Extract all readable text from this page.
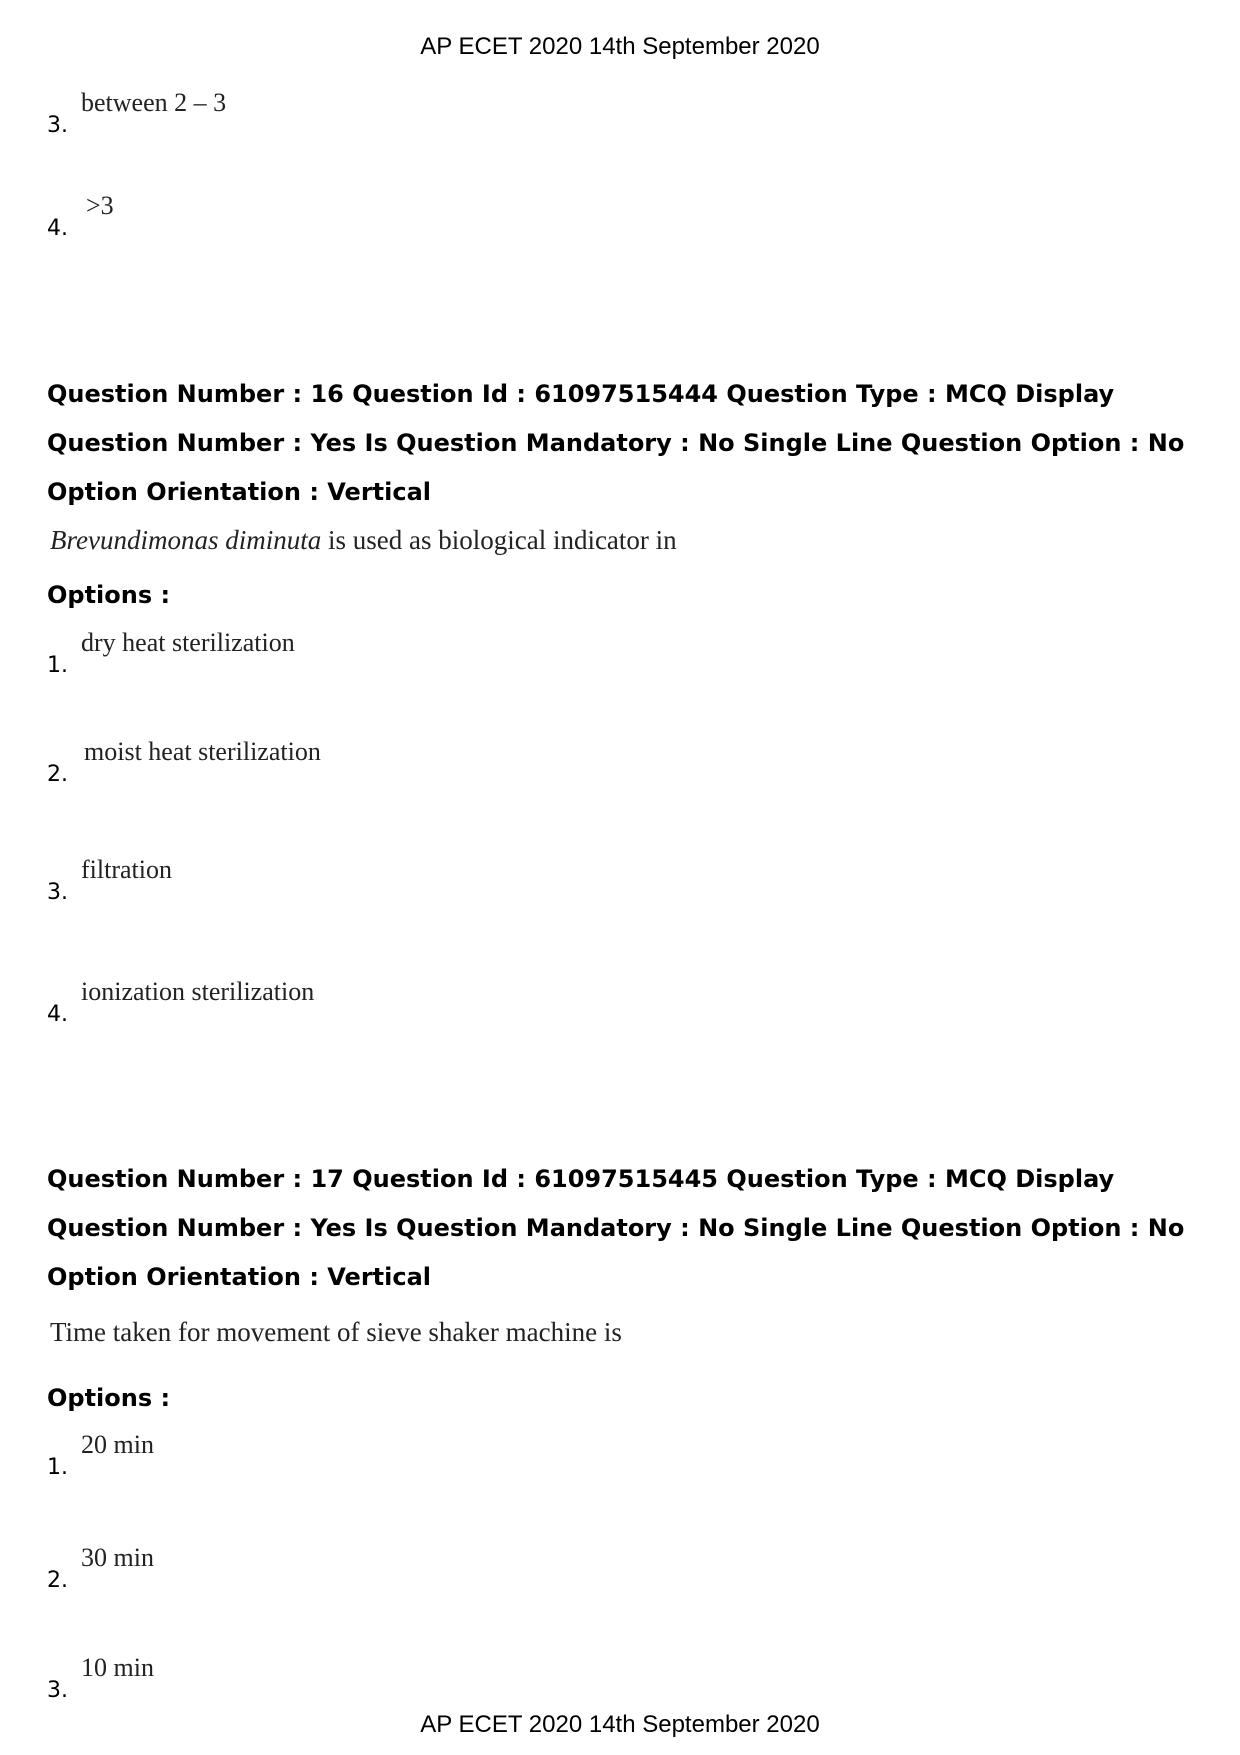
AP ECET 2020 14th September 2020
3.
between 2 – 3
4.
>3
Question Number : 16 Question Id : 61097515444 Question Type : MCQ Display Question Number : Yes Is Question Mandatory : No Single Line Question Option : No Option Orientation : Vertical
Brevundimonas diminuta is used as biological indicator in
Options :
1.
dry heat sterilization
2.
moist heat sterilization
3.
filtration
4.
ionization sterilization
Question Number : 17 Question Id : 61097515445 Question Type : MCQ Display Question Number : Yes Is Question Mandatory : No Single Line Question Option : No Option Orientation : Vertical
Time taken for movement of sieve shaker machine is
Options :
1.
20 min
2.
30 min
3.
10 min
AP ECET 2020 14th September 2020
